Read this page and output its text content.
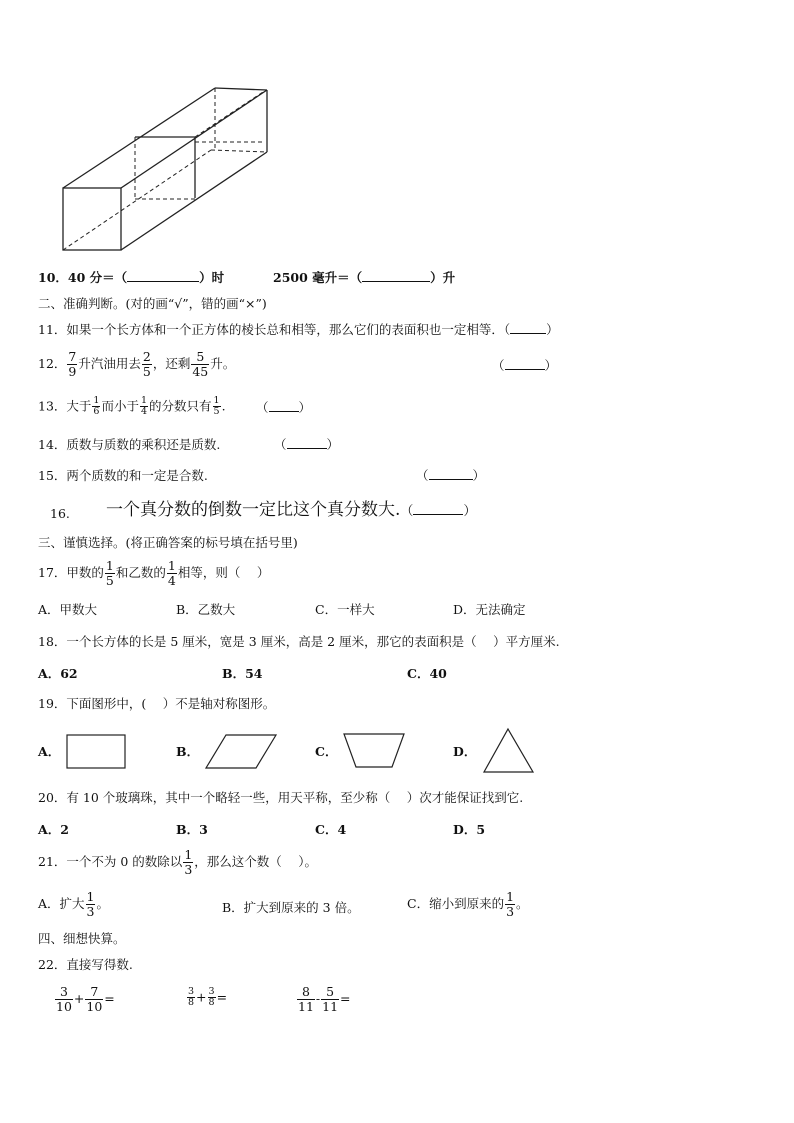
10．40 分＝（	）时	2500 毫升＝（	）升
二、准确判断。(对的画“√”，错的画“×”)
11．如果一个长方体和一个正方体的棱长总和相等，那么它们的表面积也一定相等．（	）
12． $\frac{7}{9}$ 升汽油用去 $\frac{2}{5}$ ，还剩 $\frac{5}{45}$ 升。	（	）
13．大于 $\frac{1}{6}$ 而小于 $\frac{1}{4}$ 的分数只有 $\frac{1}{5}$ . （ ）
14．质数与质数的乘积还是质数.	（	）
15．两个质数的和一定是合数.	（	）
16. 一个真分数的倒数一定比这个真分数大.（	）
三、谨慎选择。(将正确答案的标号填在括号里)
17．甲数的 $\frac{1}{5}$ 和乙数的 $\frac{1}{4}$ 相等，则（　 ）
A．甲数大	B．乙数大	C．一样大	D．无法确定
18．一个长方体的长是 5 厘米，宽是 3 厘米，高是 2 厘米，那它的表面积是（　 ）平方厘米.
A．62	B．54	C．40
19．下面图形中，(　 ）不是轴对称图形。
A．	B．	C．	D．
20．有 10 个玻璃珠，其中一个略轻一些，用天平称，至少称（　 ）次才能保证找到它.
A．2	B．3	C．4	D．5
21．一个不为 0 的数除以 $\frac{1}{3}$ ，那么这个数（　 ）。
A．扩大 $\frac{1}{3}$ 。	B．扩大到原来的 3 倍。	C．缩小到原来的 $\frac{1}{3}$ 。
四、细想快算。
22．直接写得数.
$\frac{3}{10} + \frac{7}{10}$ =	$\frac{3}{8} + \frac{3}{8}$ =	$\frac{8}{11} - \frac{5}{11}$ =
